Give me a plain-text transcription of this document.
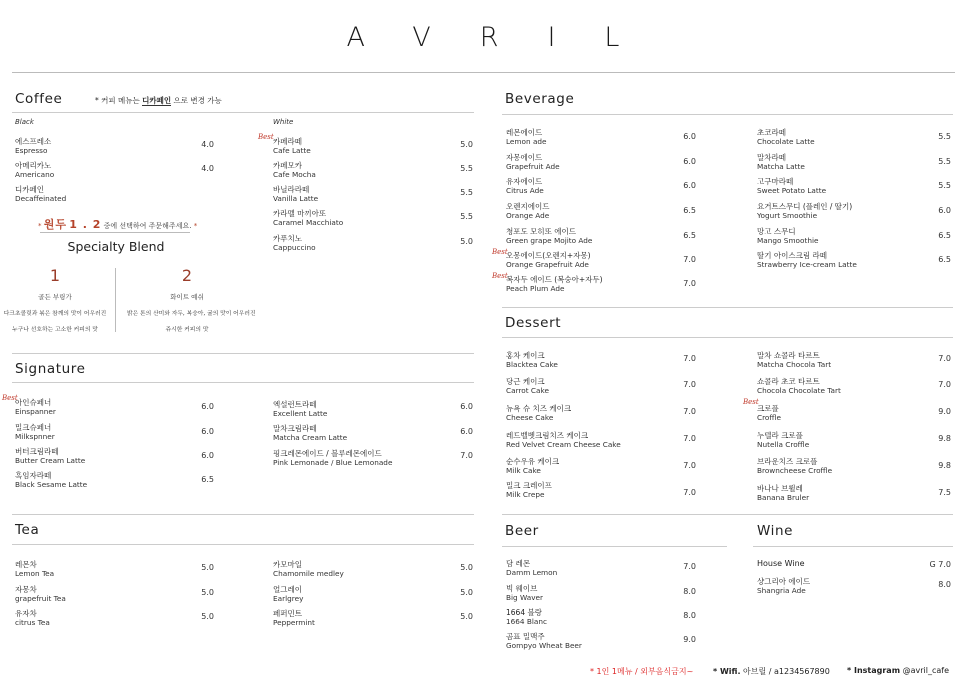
AVRIL
Coffee	* 커피 메뉴는 디카페인 으로 변경 가능
Black	White
에스프레소
Espresso
4.0
아메리카노
Americano
4.0
디카페인
Decaffeinated
Best 카페라떼
Cafe Latte
5.0
카페모카
Cafe Mocha
5.5
바닐라라떼
Vanilla Latte
5.5
카라멜 마끼아또
Caramel Macchiato
5.5
카푸치노
Cappuccino
5.0
* 원두 1 . 2 중에 선택하여 주문해주세요. *
Specialty Blend
1
골든 부링가
다크초콜릿과 볶은 참깨의 맛이 어우러진
누구나 선호하는 고소한 커피의 맛
2
화이트 예쉬
밝은 톤의 산미와 자두, 복숭아, 귤의 맛이 어우러진
쥬시한 커피의 맛
Signature
Best
아인슈페너
Einspanner
6.0
밀크슈페너
Milkspnner
6.0
버터크림라떼
Butter Cream Latte
6.0
흑임자라떼
Black Sesame Latte
6.5
엑설런트라떼
Excellent Latte
6.0
말차크림라떼
Matcha Cream Latte
6.0
핑크레몬에이드 / 블루레몬에이드
Pink Lemonade / Blue Lemonade
7.0
Tea
레몬차
Lemon Tea
5.0
자몽차
grapefruit Tea
5.0
유자차
citrus Tea
5.0
카모마일
Chamomile medley
5.0
얼그레이
Earlgrey
5.0
페퍼민트
Peppermint
5.0
Beverage
레몬에이드
Lemon ade
6.0
자몽에이드
Grapefruit Ade
6.0
유자에이드
Citrus Ade
6.0
오렌지에이드
Orange Ade
6.5
청포도 모히또 에이드
Green grape Mojito Ade
6.5
Best
오몽에이드(오렌지+자몽)
Orange Grapefruit Ade
7.0
Best
복자두 에이드 (복숭아+자두)
Peach Plum Ade
7.0
초코라떼
Chocolate Latte
5.5
말차라떼
Matcha Latte
5.5
고구마라떼
Sweet Potato Latte
5.5
요거트스무디 (플레인 / 딸기)
Yogurt Smoothie
6.0
망고 스무디
Mango Smoothie
6.5
딸기 아이스크림 라떼
Strawberry Ice-cream Latte
6.5
Dessert
홍차 케이크
Blacktea Cake
7.0
당근 케이크
Carrot Cake
7.0
뉴욕 슈 치즈 케이크
Cheese Cake
7.0
레드벨벳크림치즈 케이크
Red Velvet Cream Cheese Cake
7.0
순수우유 케이크
Milk Cake
7.0
밀크 크레이프
Milk Crepe	7.0
말차 쇼콜라 타르트
Matcha Chocola Tart
7.0
쇼콜라 초코 타르트
Chocola Chocolate Tart
7.0
Best
크로플
Croffle
9.0
누텔라 크로플
Nutella Croffle
9.8
브라운치즈 크로플
Browncheese Croffle
9.8
바나나 브륄레
Banana Bruler
7.5
Beer
담 레몬
Damm Lemon
7.0
빅 웨이브
Big Waver
8.0
1664 블랑
1664 Blanc
8.0
곰표 밀맥주
Gompyo Wheat Beer
9.0
Wine
House Wine	G 7.0
샹그리아 에이드
Shangria Ade
8.0
* 1인 1메뉴 / 외부음식금지~ * Wifi. 아브릴 / a1234567890 * Instagram @avril_cafe
